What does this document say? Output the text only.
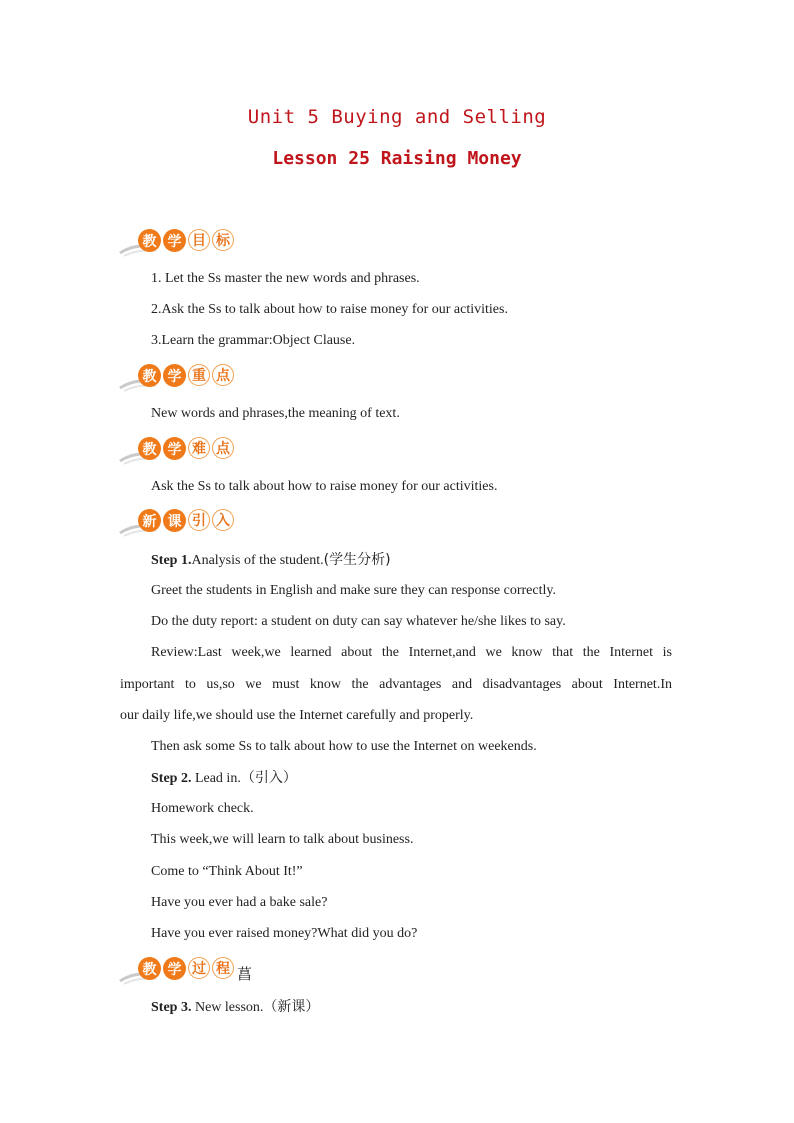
Unit 5 Buying and Selling
Lesson 25 Raising Money
教 学 目 标
1. Let the Ss master the new words and phrases.
2.Ask the Ss to talk about how to raise money for our activities.
3.Learn the grammar:Object Clause.
教 学 重 点
New words and phrases,the meaning of text.
教 学 难 点
Ask the Ss to talk about how to raise money for our activities.
新 课 引 入
Step 1.Analysis of the student.(学生分析)
Greet the students in English and make sure they can response correctly.
Do the duty report: a student on duty can say whatever he/she likes to say.
Review:Last week,we learned about the Internet,and we know that the Internet is
important to us,so we must know the advantages and disadvantages about Internet.In
our daily life,we should use the Internet carefully and properly.
Then ask some Ss to talk about how to use the Internet on weekends.
Step 2. Lead in.（引入）
Homework check.
This week,we will learn to talk about business.
Come to “Think About It!”
Have you ever had a bake sale?
Have you ever raised money?What did you do?
教 学 过 程 菖
Step 3. New lesson.（新课）
